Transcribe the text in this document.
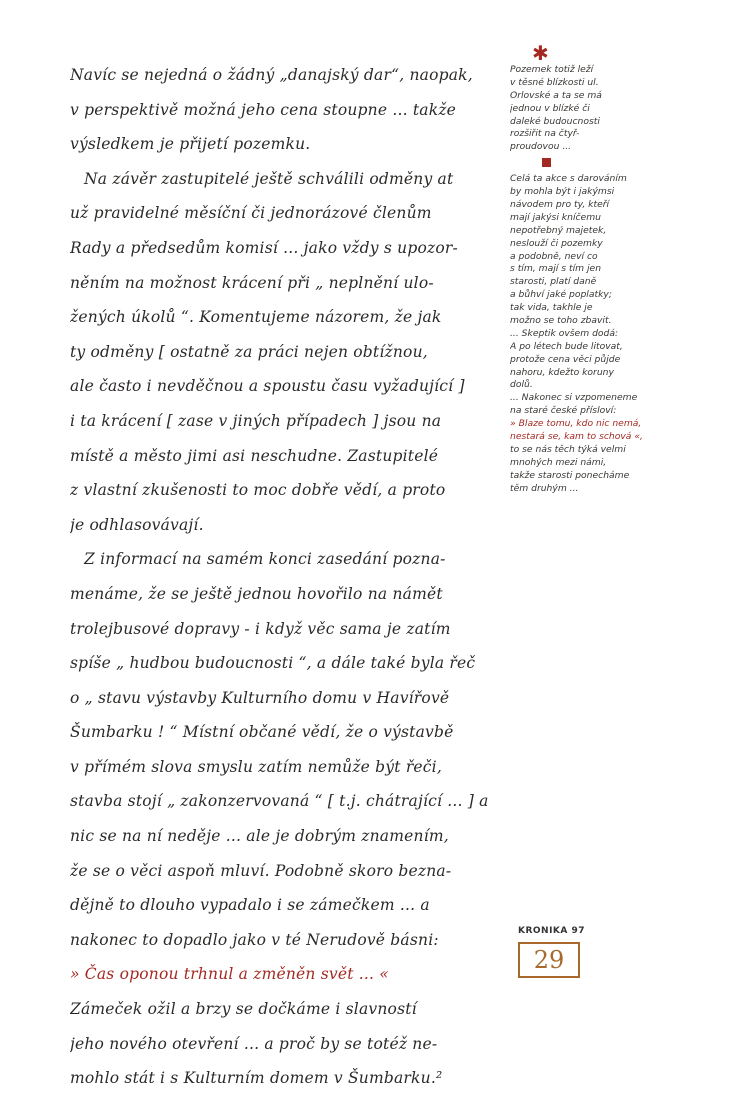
Navíc se nejedná o žádný „danajský dar“, naopak,
v perspektivě možná jeho cena stoupne ... takže
výsledkem je přijetí pozemku.
Na závěr zastupitelé ještě schválili odměny at
už pravidelné měsíční či jednorázové členům
Rady a předsedům komisí ... jako vždy s upozor-
něním na možnost krácení při „ neplnění ulo-
žených úkolů “. Komentujeme názorem, že jak
ty odměny [ ostatně za práci nejen obtížnou,
ale často i nevděčnou a spoustu času vyžadující ]
i ta krácení [ zase v jiných případech ] jsou na
místě a město jimi asi neschudne. Zastupitelé
z vlastní zkušenosti to moc dobře vědí, a proto
je odhlasovávají.
Z informací na samém konci zasedání pozna-
menáme, že se ještě jednou hovořilo na námět
trolejbusové dopravy - i když věc sama je zatím
spíše „ hudbou budoucnosti “, a dále také byla řeč
o „ stavu výstavby Kulturního domu v Havířově
Šumbarku ! “ Místní občané vědí, že o výstavbě
v přímém slova smyslu zatím nemůže být řeči,
stavba stojí „ zakonzervovaná “ [ t.j. chátrající ... ] a
nic se na ní neděje ... ale je dobrým znamením,
že se o věci aspoň mluví. Podobně skoro bezna-
dějně to dlouho vypadalo i se zámečkem ... a
nakonec to dopadlo jako v té Nerudově básni:
» Čas oponou trhnul a změněn svět ... «
Zámeček ožil a brzy se dočkáme i slavností
jeho nového otevření ... a proč by se totéž ne-
mohlo stát i s Kulturním domem v Šumbarku.²
✱
Pozemek totiž leží
v těsné blízkosti ul.
Orlovské a ta se má
jednou v blízké či
daleké budoucnosti
rozšiřit na čtyř-
proudovou ...
Celá ta akce s darováním
by mohla být i jakýmsi
návodem pro ty, kteří
mají jakýsi kníčemu
nepotřebný majetek,
neslouží či pozemky
a podobně, neví co
s tím, mají s tím jen
starosti, platí daně
a bůhví jaké poplatky;
tak vida, takhle je
možno se toho zbavit.
... Skeptik ovšem dodá:
A po létech bude litovat,
protože cena věci půjde
nahoru, kdežto koruny
dolů.
... Nakonec si vzpomeneme
na staré české přísloví:
» Blaze tomu, kdo nic nemá,
nestará se, kam to schová «,
to se nás těch týká velmi
mnohých mezi námi,
takže starosti ponecháme
těm druhým ...
KRONIKA 97
29
